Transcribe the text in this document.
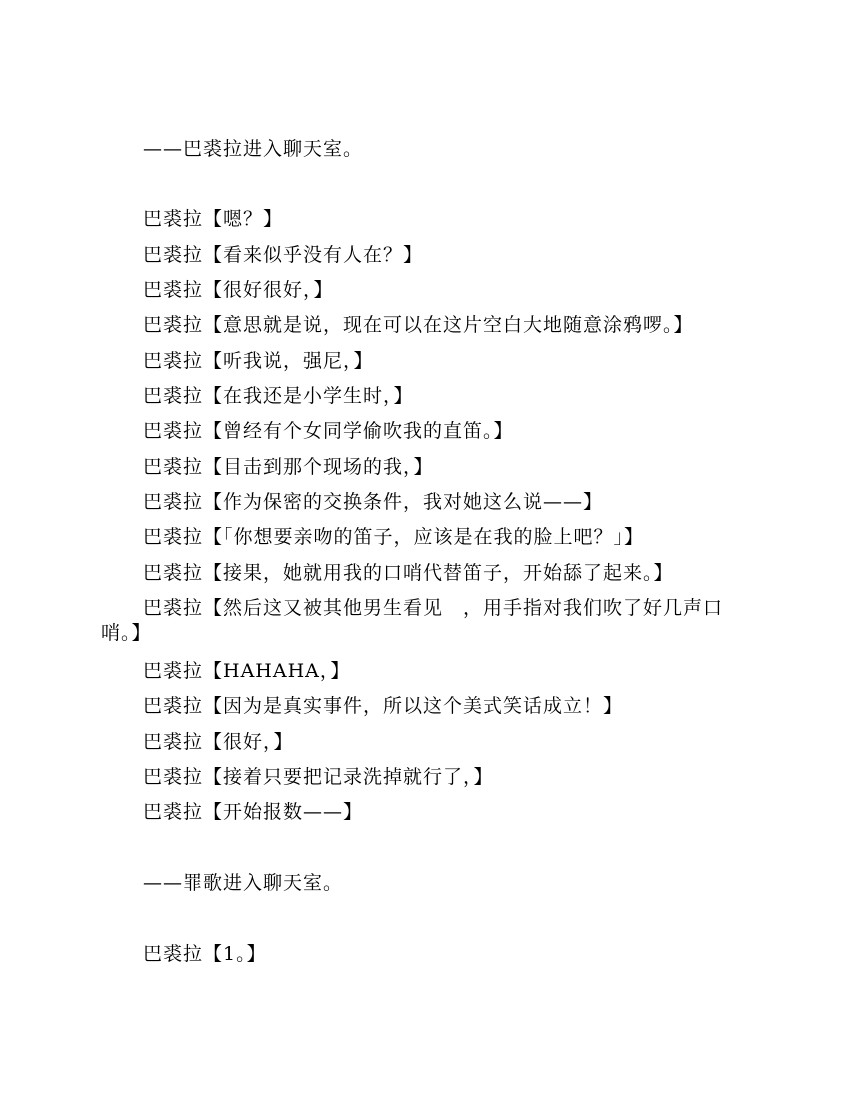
——巴裘拉进入聊天室。
巴裘拉【嗯？】
巴裘拉【看来似乎没有人在？】
巴裘拉【很好很好，】
巴裘拉【意思就是说，现在可以在这片空白大地随意涂鸦啰。】
巴裘拉【听我说，强尼，】
巴裘拉【在我还是小学生时，】
巴裘拉【曾经有个女同学偷吹我的直笛。】
巴裘拉【目击到那个现场的我，】
巴裘拉【作为保密的交换条件，我对她这么说——】
巴裘拉【「你想要亲吻的笛子，应该是在我的脸上吧？」】
巴裘拉【接果，她就用我的口哨代替笛子，开始舔了起来。】
巴裘拉【然后这又被其他男生看见　，用手指对我们吹了好几声口哨。】
巴裘拉【HAHAHA，】
巴裘拉【因为是真实事件，所以这个美式笑话成立！】
巴裘拉【很好，】
巴裘拉【接着只要把记录洗掉就行了，】
巴裘拉【开始报数——】
——罪歌进入聊天室。
巴裘拉【1。】
